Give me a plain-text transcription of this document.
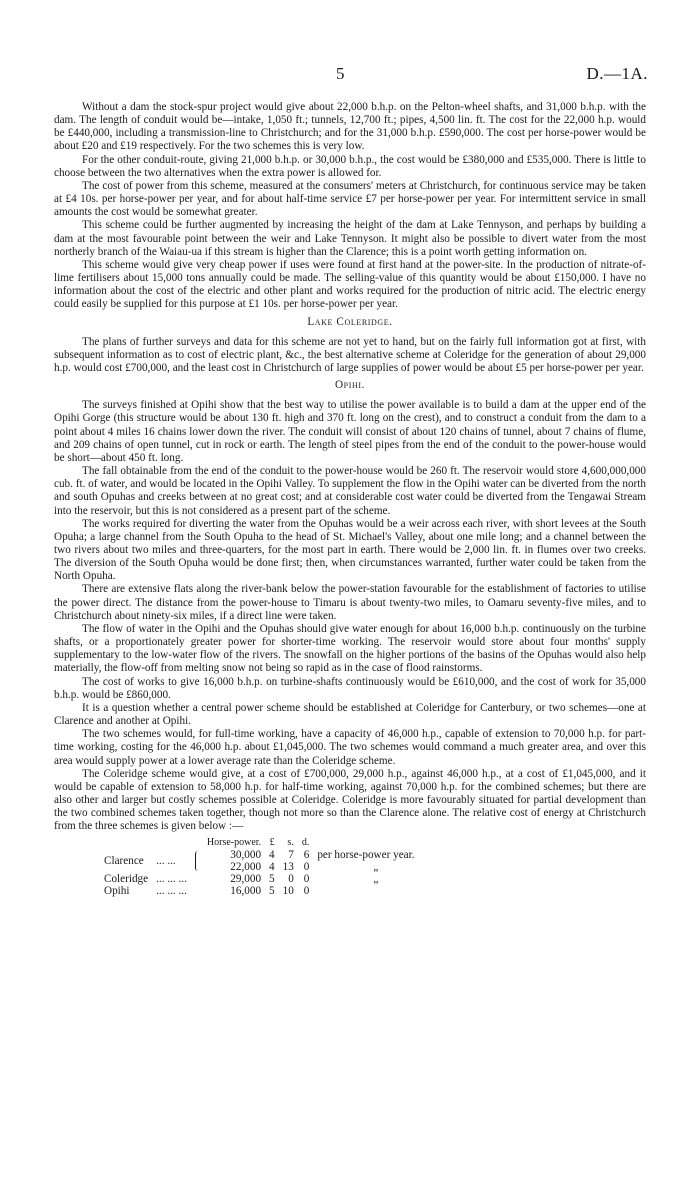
5	D.—1A.

Without a dam the stock-spur project would give about 22,000 b.h.p. on the Pelton-wheel shafts, and 31,000 b.h.p. with the dam. The length of conduit would be—intake, 1,050 ft.; tunnels, 12,700 ft.; pipes, 4,500 lin. ft. The cost for the 22,000 h.p. would be £440,000, including a transmission-line to Christchurch; and for the 31,000 b.h.p. £590,000. The cost per horse-power would be about £20 and £19 respectively. For the two schemes this is very low.

For the other conduit-route, giving 21,000 b.h.p. or 30,000 b.h.p., the cost would be £380,000 and £535,000. There is little to choose between the two alternatives when the extra power is allowed for.

The cost of power from this scheme, measured at the consumers' meters at Christchurch, for continuous service may be taken at £4 10s. per horse-power per year, and for about half-time service £7 per horse-power per year. For intermittent service in small amounts the cost would be somewhat greater.

This scheme could be further augmented by increasing the height of the dam at Lake Tennyson, and perhaps by building a dam at the most favourable point between the weir and Lake Tennyson. It might also be possible to divert water from the most northerly branch of the Waiau-ua if this stream is higher than the Clarence; this is a point worth getting information on.

This scheme would give very cheap power if uses were found at first hand at the power-site. In the production of nitrate-of-lime fertilisers about 15,000 tons annually could be made. The selling-value of this quantity would be about £150,000. I have no information about the cost of the electric and other plant and works required for the production of nitric acid. The electric energy could easily be supplied for this purpose at £1 10s. per horse-power per year.

Lake Coleridge.

The plans of further surveys and data for this scheme are not yet to hand, but on the fairly full information got at first, with subsequent information as to cost of electric plant, &c., the best alternative scheme at Coleridge for the generation of about 29,000 h.p. would cost £700,000, and the least cost in Christchurch of large supplies of power would be about £5 per horse-power per year.

Opihi.

The surveys finished at Opihi show that the best way to utilise the power available is to build a dam at the upper end of the Opihi Gorge (this structure would be about 130 ft. high and 370 ft. long on the crest), and to construct a conduit from the dam to a point about 4 miles 16 chains lower down the river. The conduit will consist of about 120 chains of tunnel, about 7 chains of flume, and 209 chains of open tunnel, cut in rock or earth. The length of steel pipes from the end of the conduit to the power-house would be short—about 450 ft. long.

The fall obtainable from the end of the conduit to the power-house would be 260 ft. The reservoir would store 4,600,000,000 cub. ft. of water, and would be located in the Opihi Valley. To supplement the flow in the Opihi water can be diverted from the north and south Opuhas and creeks between at no great cost; and at considerable cost water could be diverted from the Tengawai Stream into the reservoir, but this is not considered as a present part of the scheme.

The works required for diverting the water from the Opuhas would be a weir across each river, with short levees at the South Opuha; a large channel from the South Opuha to the head of St. Michael's Valley, about one mile long; and a channel between the two rivers about two miles and three-quarters, for the most part in earth. There would be 2,000 lin. ft. in flumes over two creeks. The diversion of the South Opuha would be done first; then, when circumstances warranted, further water could be taken from the North Opuha.

There are extensive flats along the river-bank below the power-station favourable for the establishment of factories to utilise the power direct. The distance from the power-house to Timaru is about twenty-two miles, to Oamaru seventy-five miles, and to Christchurch about ninety-six miles, if a direct line were taken.

The flow of water in the Opihi and the Opuhas should give water enough for about 16,000 b.h.p. continuously on the turbine shafts, or a proportionately greater power for shorter-time working. The reservoir would store about four months' supply supplementary to the low-water flow of the rivers. The snowfall on the higher portions of the basins of the Opuhas would also help materially, the flow-off from melting snow not being so rapid as in the case of flood rainstorms.

The cost of works to give 16,000 b.h.p. on turbine-shafts continuously would be £610,000, and the cost of work for 35,000 b.h.p. would be £860,000.

It is a question whether a central power scheme should be established at Coleridge for Canterbury, or two schemes—one at Clarence and another at Opihi.

The two schemes would, for full-time working, have a capacity of 46,000 h.p., capable of extension to 70,000 h.p. for part-time working, costing for the 46,000 h.p. about £1,045,000. The two schemes would command a much greater area, and over this area would supply power at a lower average rate than the Coleridge scheme.

The Coleridge scheme would give, at a cost of £700,000, 29,000 h.p., against 46,000 h.p., at a cost of £1,045,000, and it would be capable of extension to 58,000 h.p. for half-time working, against 70,000 h.p. for the combined schemes; but there are also other and larger but costly schemes possible at Coleridge. Coleridge is more favourably situated for partial development than the two combined schemes taken together, though not more so than the Clarence alone. The relative cost of energy at Christchurch from the three schemes is given below :—

			Horse-power.	£	s.	d.	
Clarence	... ...		30,000	4	7	6	per horse-power year.
			22,000	4	13	0	„
Coleridge	... ... ...		29,000	5	0	0	„
Opihi	... ... ...		16,000	5	10	0	
